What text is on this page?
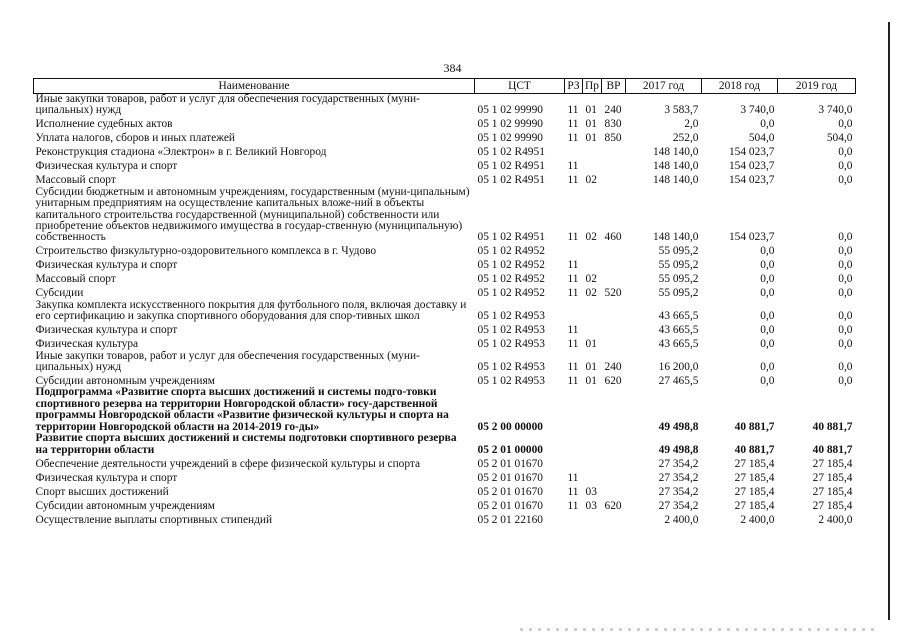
384
Наименование	ЦСТ	РЗ	Пр	ВР	2017 год	2018 год	2019 год
Иные закупки товаров, работ и услуг для обеспечения государственных (муни-ципальных) нужд	05 1 02 99990	11	01	240	3 583,7	3 740,0	3 740,0
Исполнение судебных актов	05 1 02 99990	11	01	830	2,0	0,0	0,0
Уплата налогов, сборов и иных платежей	05 1 02 99990	11	01	850	252,0	504,0	504,0
Реконструкция стадиона «Электрон» в г. Великий Новгород	05 1 02 R4951				148 140,0	154 023,7	0,0
Физическая культура и спорт	05 1 02 R4951	11			148 140,0	154 023,7	0,0
Массовый спорт	05 1 02 R4951	11	02		148 140,0	154 023,7	0,0
Субсидии бюджетным и автономным учреждениям, государственным (муни-ципальным) унитарным предприятиям на осуществление капитальных вложе-ний в объекты капитального строительства государственной (муниципальной) собственности или приобретение объектов недвижимого имущества в государ-ственную (муниципальную) собственность	05 1 02 R4951	11	02	460	148 140,0	154 023,7	0,0
Строительство физкультурно-оздоровительного комплекса в г. Чудово	05 1 02 R4952				55 095,2	0,0	0,0
Физическая культура и спорт	05 1 02 R4952	11			55 095,2	0,0	0,0
Массовый спорт	05 1 02 R4952	11	02		55 095,2	0,0	0,0
Субсидии	05 1 02 R4952	11	02	520	55 095,2	0,0	0,0
Закупка комплекта искусственного покрытия для футбольного поля, включая доставку и его сертификацию и закупка спортивного оборудования для спор-тивных школ	05 1 02 R4953				43 665,5	0,0	0,0
Физическая культура и спорт	05 1 02 R4953	11			43 665,5	0,0	0,0
Физическая культура	05 1 02 R4953	11	01		43 665,5	0,0	0,0
Иные закупки товаров, работ и услуг для обеспечения государственных (муни-ципальных) нужд	05 1 02 R4953	11	01	240	16 200,0	0,0	0,0
Субсидии автономным учреждениям	05 1 02 R4953	11	01	620	27 465,5	0,0	0,0
Подпрограмма «Развитие спорта высших достижений и системы подго-товки спортивного резерва на территории Новгородской области» госу-дарственной программы Новгородской области «Развитие физической культуры и спорта на территории Новгородской области на 2014-2019 го-ды»	05 2 00 00000				49 498,8	40 881,7	40 881,7
Развитие спорта высших достижений и системы подготовки спортивного резерва на территории области	05 2 01 00000				49 498,8	40 881,7	40 881,7
Обеспечение деятельности учреждений в сфере физической культуры и спорта	05 2 01 01670				27 354,2	27 185,4	27 185,4
Физическая культура и спорт	05 2 01 01670	11			27 354,2	27 185,4	27 185,4
Спорт высших достижений	05 2 01 01670	11	03		27 354,2	27 185,4	27 185,4
Субсидии автономным учреждениям	05 2 01 01670	11	03	620	27 354,2	27 185,4	27 185,4
Осуществление выплаты спортивных стипендий	05 2 01 22160				2 400,0	2 400,0	2 400,0
